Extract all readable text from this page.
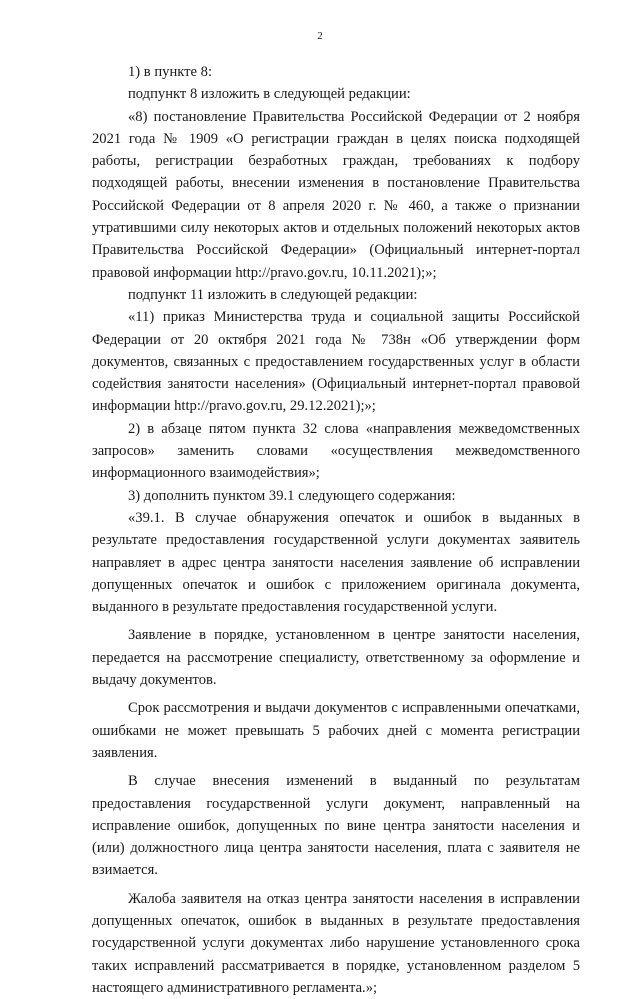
2

1) в пункте 8:

подпункт 8 изложить в следующей редакции:

«8) постановление Правительства Российской Федерации от 2 ноября 2021 года № 1909 «О регистрации граждан в целях поиска подходящей работы, регистрации безработных граждан, требованиях к подбору подходящей работы, внесении изменения в постановление Правительства Российской Федерации от 8 апреля 2020 г. № 460, а также о признании утратившими силу некоторых актов и отдельных положений некоторых актов Правительства Российской Федерации» (Официальный интернет-портал правовой информации http://pravo.gov.ru, 10.11.2021);»;

подпункт 11 изложить в следующей редакции:

«11) приказ Министерства труда и социальной защиты Российской Федерации от 20 октября 2021 года № 738н «Об утверждении форм документов, связанных с предоставлением государственных услуг в области содействия занятости населения» (Официальный интернет-портал правовой информации http://pravo.gov.ru, 29.12.2021);»;

2) в абзаце пятом пункта 32 слова «направления межведомственных запросов» заменить словами «осуществления межведомственного информационного взаимодействия»;

3) дополнить пунктом 39.1 следующего содержания:

«39.1. В случае обнаружения опечаток и ошибок в выданных в результате предоставления государственной услуги документах заявитель направляет в адрес центра занятости населения заявление об исправлении допущенных опечаток и ошибок с приложением оригинала документа, выданного в результате предоставления государственной услуги.

Заявление в порядке, установленном в центре занятости населения, передается на рассмотрение специалисту, ответственному за оформление и выдачу документов.

Срок рассмотрения и выдачи документов с исправленными опечатками, ошибками не может превышать 5 рабочих дней с момента регистрации заявления.

В случае внесения изменений в выданный по результатам предоставления государственной услуги документ, направленный на исправление ошибок, допущенных по вине центра занятости населения и (или) должностного лица центра занятости населения, плата с заявителя не взимается.

Жалоба заявителя на отказ центра занятости населения в исправлении допущенных опечаток, ошибок в выданных в результате предоставления государственной услуги документах либо нарушение установленного срока таких исправлений рассматривается в порядке, установленном разделом 5 настоящего административного регламента.»;
